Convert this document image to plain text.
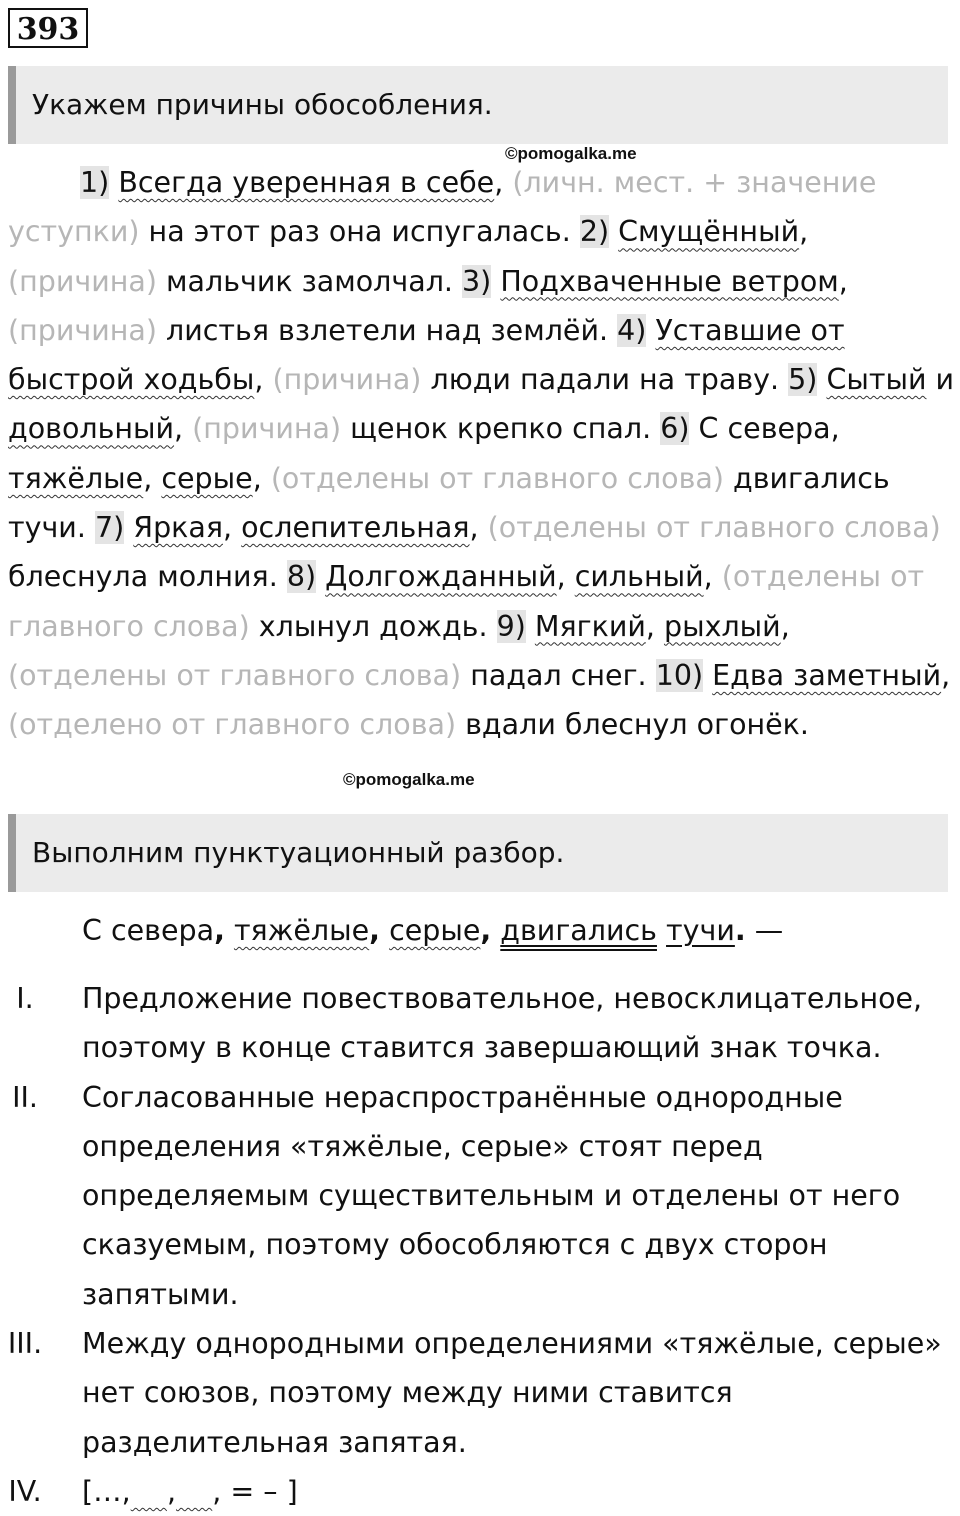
393
Укажем причины обособления.
©pomogalka.me
1) Всегда уверенная в себе, (личн. мест. + значение уступки) на этот раз она испугалась. 2) Смущённый, (причина) мальчик замолчал. 3) Подхваченные ветром, (причина) листья взлетели над землёй. 4) Уставшие от быстрой ходьбы, (причина) люди падали на траву. 5) Сытый и довольный, (причина) щенок крепко спал. 6) С севера, тяжёлые, серые, (отделены от главного слова) двигались тучи. 7) Яркая, ослепительная, (отделены от главного слова) блеснула молния. 8) Долгожданный, сильный, (отделены от главного слова) хлынул дождь. 9) Мягкий, рыхлый, (отделены от главного слова) падал снег. 10) Едва заметный, (отделено от главного слова) вдали блеснул огонёк.
©pomogalka.me
Выполним пунктуационный разбор.
С севера, тяжёлые, серые, двигались тучи. —
I.	Предложение повествовательное, невосклицательное, поэтому в конце ставится завершающий знак точка.
II.	Согласованные нераспространённые однородные определения «тяжёлые, серые» стоят перед определяемым существительным и отделены от него сказуемым, поэтому обособляются с двух сторон запятыми.
III. Между однородными определениями «тяжёлые, серые» нет союзов, поэтому между ними ставится разделительная запятая.
IV. […, , , = – ]
